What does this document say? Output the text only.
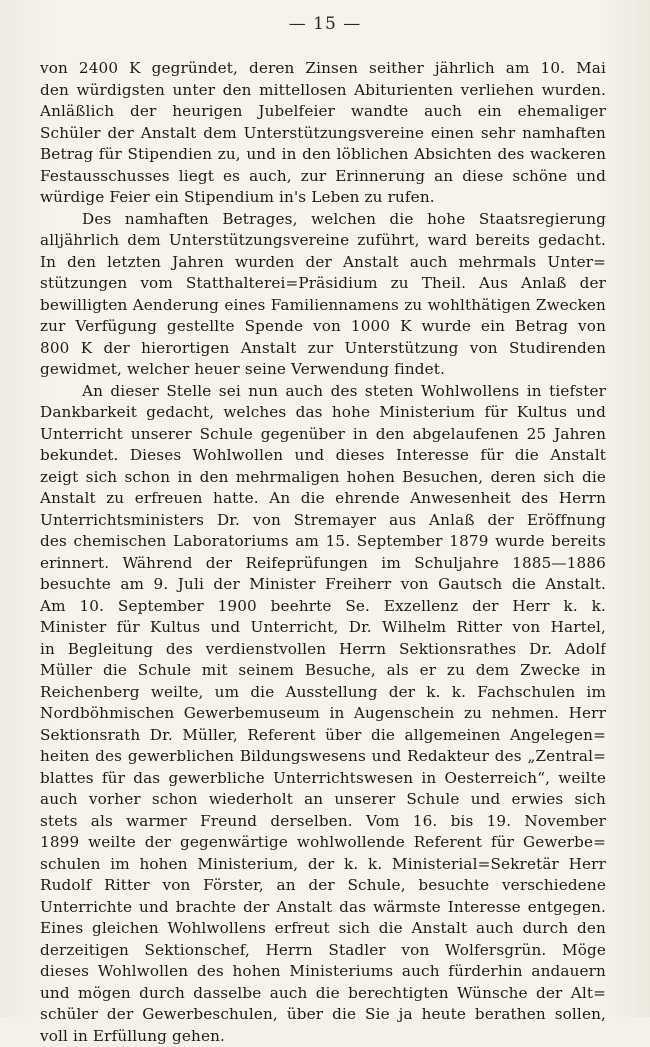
— 15 —
von 2400 K gegründet, deren Zinsen seither jährlich am 10. Mai
den würdigsten unter den mittellosen Abiturienten verliehen wurden.
Anläßlich der heurigen Jubelfeier wandte auch ein ehemaliger
Schüler der Anstalt dem Unterstützungsvereine einen sehr namhaften
Betrag für Stipendien zu, und in den löblichen Absichten des wackeren
Festausschusses liegt es auch, zur Erinnerung an diese schöne und
würdige Feier ein Stipendium in's Leben zu rufen.
Des namhaften Betrages, welchen die hohe Staatsregierung
alljährlich dem Unterstützungsvereine zuführt, ward bereits gedacht.
In den letzten Jahren wurden der Anstalt auch mehrmals Unter=
stützungen vom Statthalterei=Präsidium zu Theil. Aus Anlaß der
bewilligten Aenderung eines Familiennamens zu wohlthätigen Zwecken
zur Verfügung gestellte Spende von 1000 K wurde ein Betrag von
800 K der hierortigen Anstalt zur Unterstützung von Studirenden
gewidmet, welcher heuer seine Verwendung findet.
An dieser Stelle sei nun auch des steten Wohlwollens in tiefster
Dankbarkeit gedacht, welches das hohe Ministerium für Kultus und
Unterricht unserer Schule gegenüber in den abgelaufenen 25 Jahren
bekundet. Dieses Wohlwollen und dieses Interesse für die Anstalt
zeigt sich schon in den mehrmaligen hohen Besuchen, deren sich die
Anstalt zu erfreuen hatte. An die ehrende Anwesenheit des Herrn
Unterrichtsministers Dr. von Stremayer aus Anlaß der Eröffnung
des chemischen Laboratoriums am 15. September 1879 wurde bereits
erinnert. Während der Reifeprüfungen im Schuljahre 1885—1886
besuchte am 9. Juli der Minister Freiherr von Gautsch die Anstalt.
Am 10. September 1900 beehrte Se. Exzellenz der Herr k. k.
Minister für Kultus und Unterricht, Dr. Wilhelm Ritter von Hartel,
in Begleitung des verdienstvollen Herrn Sektionsrathes Dr. Adolf
Müller die Schule mit seinem Besuche, als er zu dem Zwecke in
Reichenberg weilte, um die Ausstellung der k. k. Fachschulen im
Nordböhmischen Gewerbemuseum in Augenschein zu nehmen. Herr
Sektionsrath Dr. Müller, Referent über die allgemeinen Angelegen=
heiten des gewerblichen Bildungswesens und Redakteur des „Zentral=
blattes für das gewerbliche Unterrichtswesen in Oesterreich“, weilte
auch vorher schon wiederholt an unserer Schule und erwies sich
stets als warmer Freund derselben. Vom 16. bis 19. November
1899 weilte der gegenwärtige wohlwollende Referent für Gewerbe=
schulen im hohen Ministerium, der k. k. Ministerial=Sekretär Herr
Rudolf Ritter von Förster, an der Schule, besuchte verschiedene
Unterrichte und brachte der Anstalt das wärmste Interesse entgegen.
Eines gleichen Wohlwollens erfreut sich die Anstalt auch durch den
derzeitigen Sektionschef, Herrn Stadler von Wolfersgrün. Möge
dieses Wohlwollen des hohen Ministeriums auch fürderhin andauern
und mögen durch dasselbe auch die berechtigten Wünsche der Alt=
schüler der Gewerbeschulen, über die Sie ja heute berathen sollen,
voll in Erfüllung gehen.
